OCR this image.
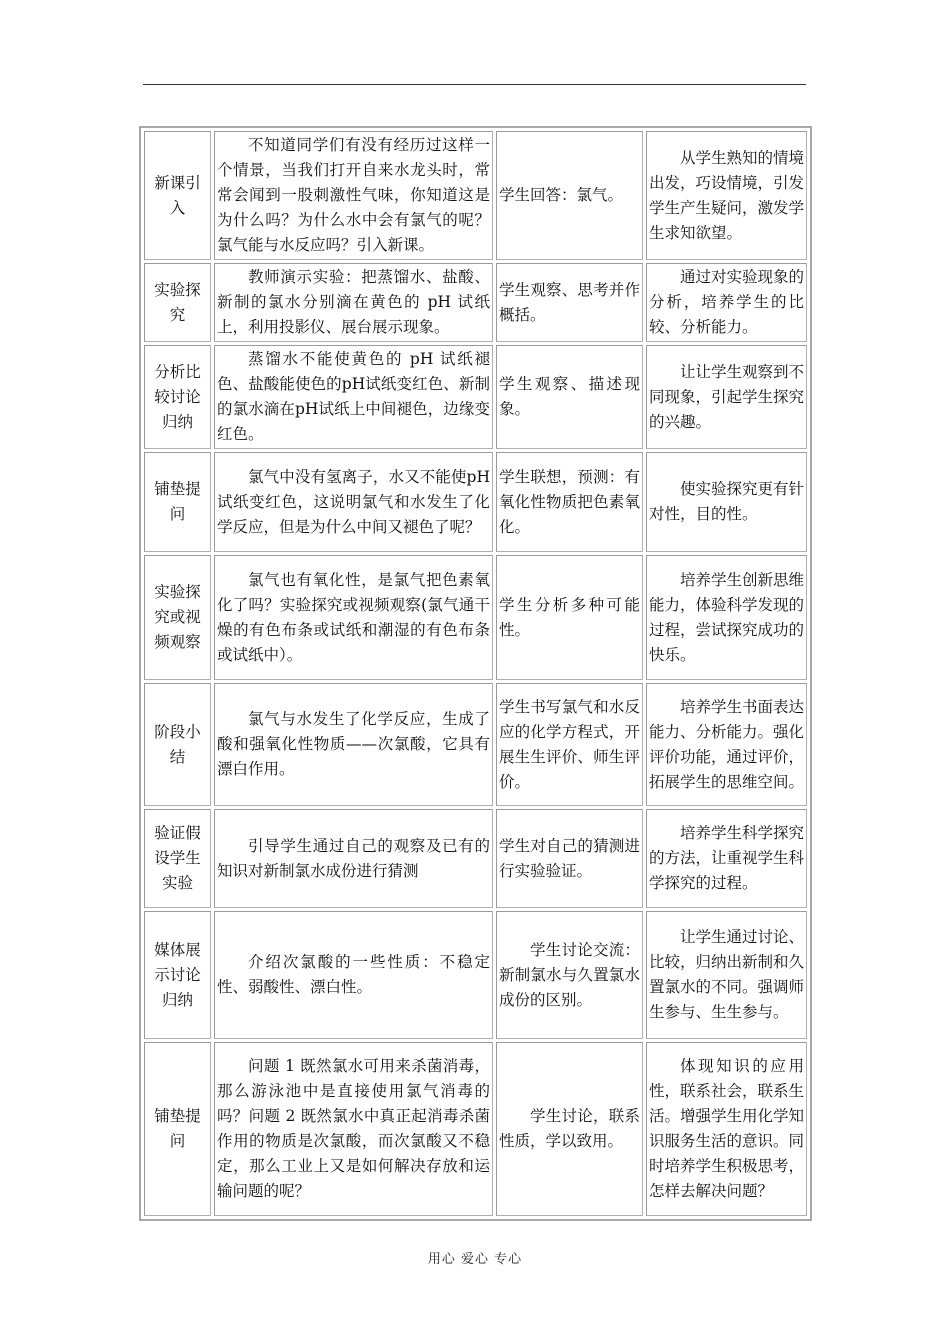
新课引入	不知道同学们有没有经历过这样一个情景，当我们打开自来水龙头时，常常会闻到一股刺激性气味，你知道这是为什么吗？为什么水中会有氯气的呢？氯气能与水反应吗？引入新课。	学生回答：氯气。	从学生熟知的情境出发，巧设情境，引发学生产生疑问，激发学生求知欲望。
实验探究	教师演示实验：把蒸馏水、盐酸、新制的氯水分别滴在黄色的 pH 试纸上，利用投影仪、展台展示现象。	学生观察、思考并作概括。	通过对实验现象的分析，培养学生的比较、分析能力。
分析比较讨论归纳	蒸馏水不能使黄色的 pH 试纸褪色、盐酸能使色的pH试纸变红色、新制的氯水滴在pH试纸上中间褪色，边缘变红色。	学生观察、描述现象。	让让学生观察到不同现象，引起学生探究的兴趣。
铺垫提问	氯气中没有氢离子，水又不能使pH试纸变红色，这说明氯气和水发生了化学反应，但是为什么中间又褪色了呢？	学生联想，预测：有氧化性物质把色素氧化。	使实验探究更有针对性，目的性。
实验探究或视频观察	氯气也有氧化性，是氯气把色素氧化了吗？实验探究或视频观察(氯气通干燥的有色布条或试纸和潮湿的有色布条或试纸中）。	学生分析多种可能性。	培养学生创新思维能力，体验科学发现的过程，尝试探究成功的快乐。
阶段小结	氯气与水发生了化学反应，生成了酸和强氧化性物质——次氯酸，它具有漂白作用。	学生书写氯气和水反应的化学方程式，开展生生评价、师生评价。	培养学生书面表达能力、分析能力。强化评价功能，通过评价，拓展学生的思维空间。
验证假设学生实验	引导学生通过自己的观察及已有的知识对新制氯水成份进行猜测	学生对自己的猜测进行实验验证。	培养学生科学探究的方法，让重视学生科学探究的过程。
媒体展示讨论归纳	介绍次氯酸的一些性质：不稳定性、弱酸性、漂白性。	学生讨论交流：新制氯水与久置氯水成份的区别。	让学生通过讨论、比较，归纳出新制和久置氯水的不同。强调师生参与、生生参与。
铺垫提问	问题 1 既然氯水可用来杀菌消毒，那么游泳池中是直接使用氯气消毒的吗？问题 2 既然氯水中真正起消毒杀菌作用的物质是次氯酸，而次氯酸又不稳定，那么工业上又是如何解决存放和运输问题的呢？	学生讨论，联系性质，学以致用。	体现知识的应用性，联系社会，联系生活。增强学生用化学知识服务生活的意识。同时培养学生积极思考，怎样去解决问题？
用心 爱心 专心
